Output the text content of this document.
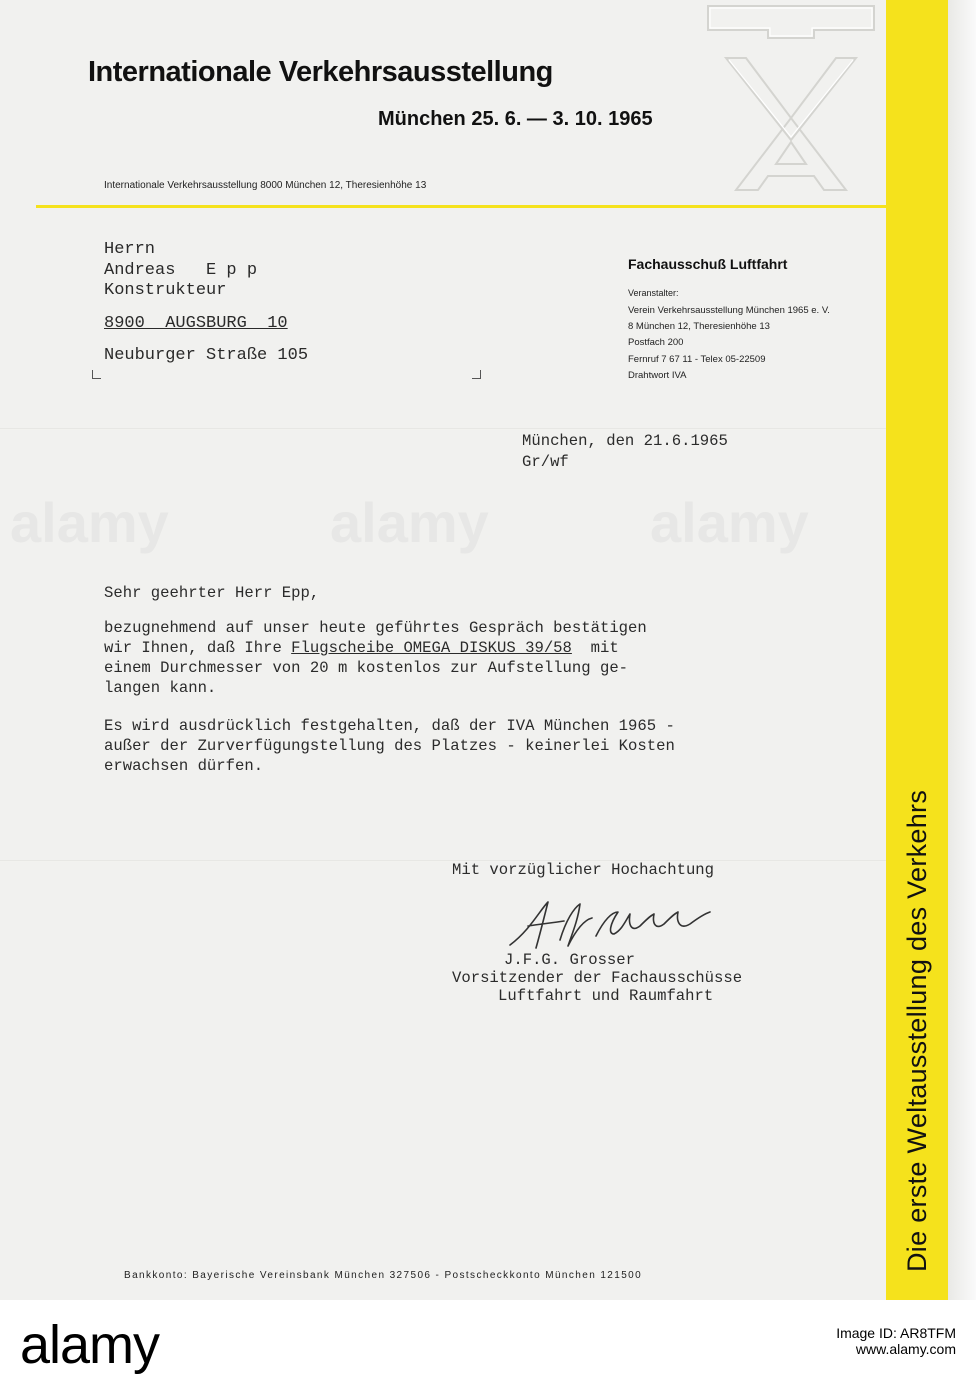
alamy	alamy	alamy
Internationale Verkehrsausstellung
München 25. 6. — 3. 10. 1965
Internationale Verkehrsausstellung 8000 München 12, Theresienhöhe 13
Herrn
Andreas   E p p
Konstrukteur
8900  AUGSBURG  10
Neuburger Straße 105
Fachausschuß Luftfahrt
Veranstalter:
Verein Verkehrsausstellung München 1965 e. V.
8 München 12, Theresienhöhe 13
Postfach 200
Fernruf 7 67 11 - Telex 05-22509
Drahtwort IVA
München, den 21.6.1965
Gr/wf
Sehr geehrter Herr Epp,
bezugnehmend auf unser heute geführtes Gespräch bestätigen
wir Ihnen, daß Ihre Flugscheibe OMEGA DISKUS 39/58  mit
einem Durchmesser von 20 m kostenlos zur Aufstellung ge-
langen kann.
Es wird ausdrücklich festgehalten, daß der IVA München 1965 -
außer der Zurverfügungstellung des Platzes - keinerlei Kosten
erwachsen dürfen.
Mit vorzüglicher Hochachtung
J.F.G. Grosser
Vorsitzender der Fachausschüsse
Luftfahrt und Raumfahrt
Bankkonto: Bayerische Vereinsbank München 327506 - Postscheckkonto München 121500
Die erste Weltausstellung des Verkehrs
alamy	Image ID: AR8TFM
www.alamy.com
